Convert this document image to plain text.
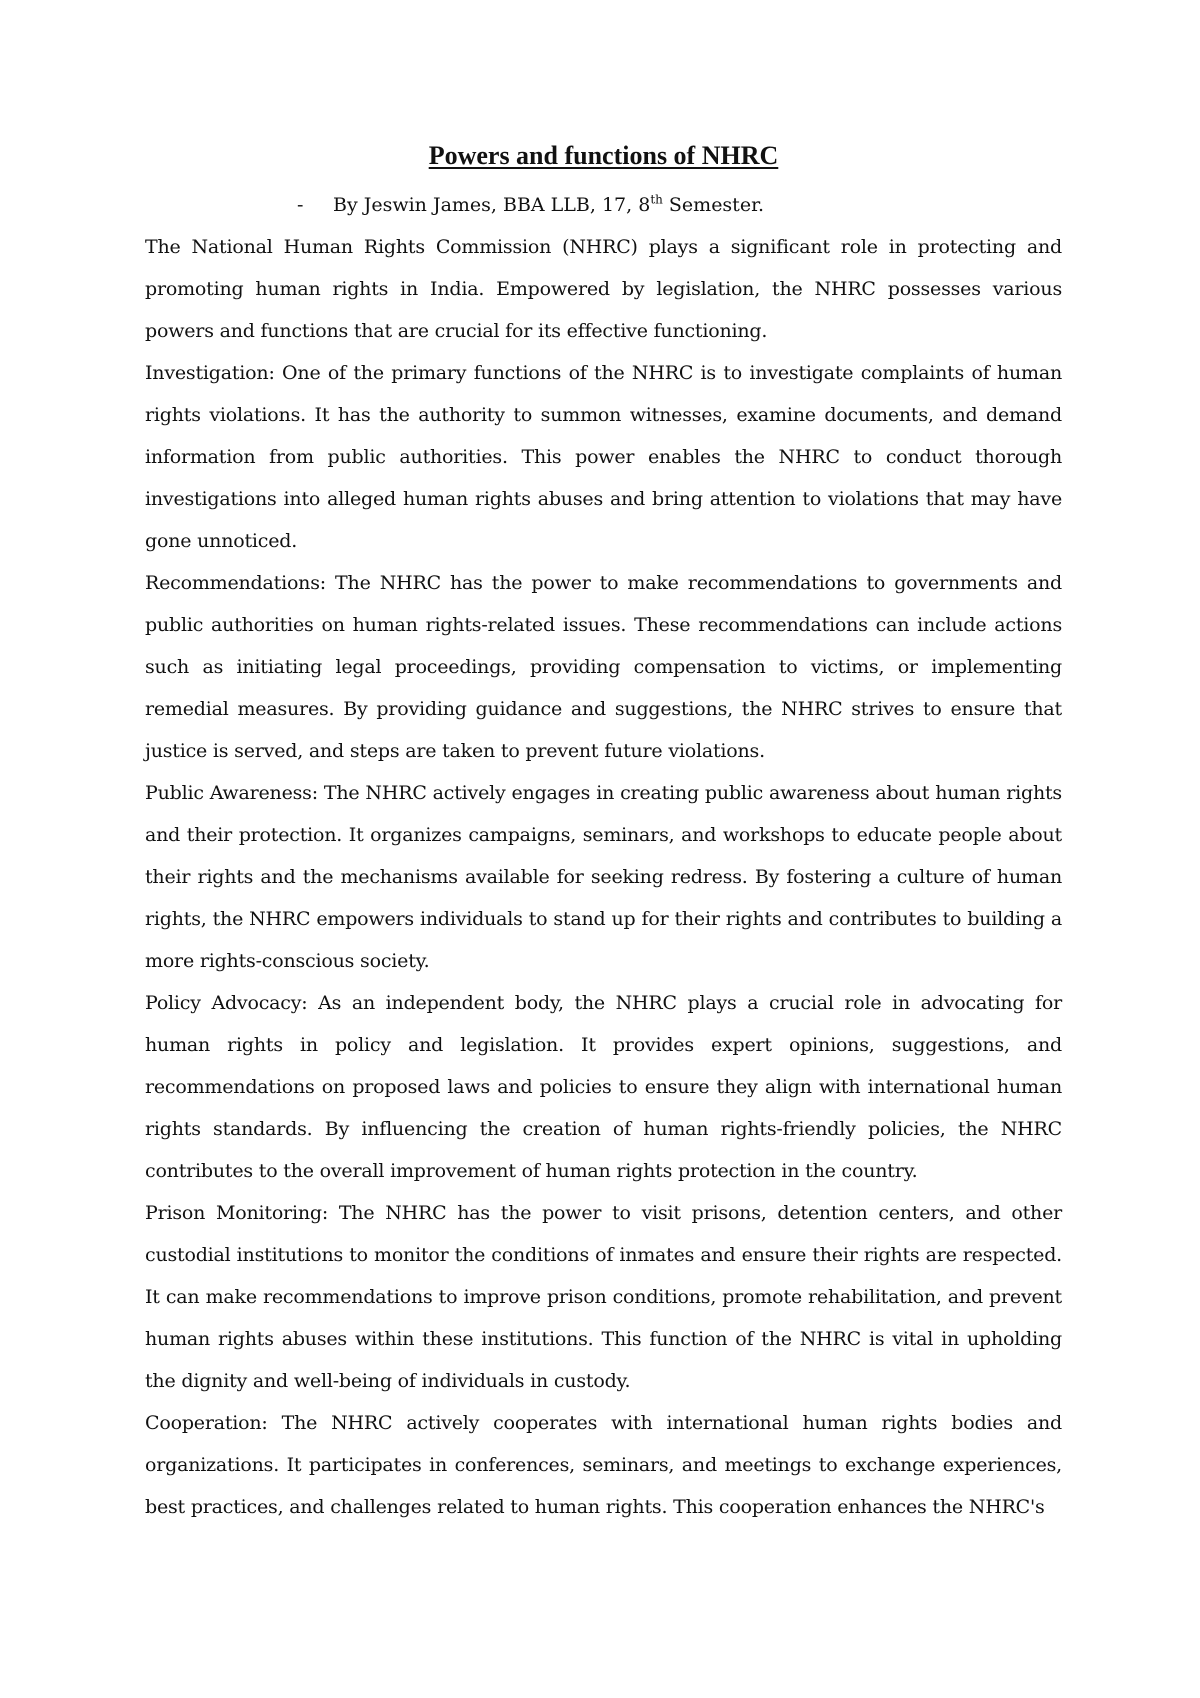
Powers and functions of NHRC
- By Jeswin James, BBA LLB, 17, 8th Semester.

The National Human Rights Commission (NHRC) plays a significant role in protecting and promoting human rights in India. Empowered by legislation, the NHRC possesses various powers and functions that are crucial for its effective functioning.

Investigation: One of the primary functions of the NHRC is to investigate complaints of human rights violations. It has the authority to summon witnesses, examine documents, and demand information from public authorities. This power enables the NHRC to conduct thorough investigations into alleged human rights abuses and bring attention to violations that may have gone unnoticed.

Recommendations: The NHRC has the power to make recommendations to governments and public authorities on human rights-related issues. These recommendations can include actions such as initiating legal proceedings, providing compensation to victims, or implementing remedial measures. By providing guidance and suggestions, the NHRC strives to ensure that justice is served, and steps are taken to prevent future violations.

Public Awareness: The NHRC actively engages in creating public awareness about human rights and their protection. It organizes campaigns, seminars, and workshops to educate people about their rights and the mechanisms available for seeking redress. By fostering a culture of human rights, the NHRC empowers individuals to stand up for their rights and contributes to building a more rights-conscious society.

Policy Advocacy: As an independent body, the NHRC plays a crucial role in advocating for human rights in policy and legislation. It provides expert opinions, suggestions, and recommendations on proposed laws and policies to ensure they align with international human rights standards. By influencing the creation of human rights-friendly policies, the NHRC contributes to the overall improvement of human rights protection in the country.

Prison Monitoring: The NHRC has the power to visit prisons, detention centers, and other custodial institutions to monitor the conditions of inmates and ensure their rights are respected. It can make recommendations to improve prison conditions, promote rehabilitation, and prevent human rights abuses within these institutions. This function of the NHRC is vital in upholding the dignity and well-being of individuals in custody.

Cooperation: The NHRC actively cooperates with international human rights bodies and organizations. It participates in conferences, seminars, and meetings to exchange experiences, best practices, and challenges related to human rights. This cooperation enhances the NHRC's
